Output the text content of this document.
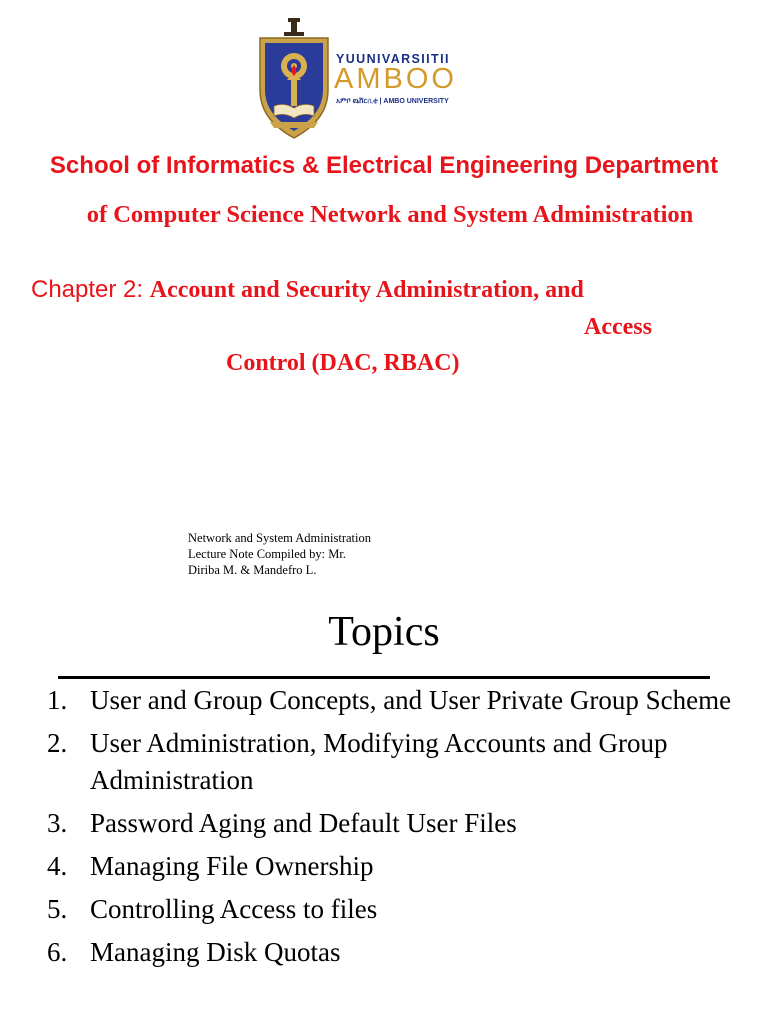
YUUNIVARSIITII
AMBOO
አምቦ ዩኒቨርሲቲ | AMBO UNIVERSITY
School of Informatics & Electrical Engineering Department
of Computer Science Network and System Administration
Chapter 2: Account and Security Administration, and
Access
Control (DAC, RBAC)
Network and System Administration
Lecture Note Compiled by: Mr.
Diriba M. & Mandefro L.
Topics
1. User and Group Concepts, and User Private Group Scheme
2. User Administration, Modifying Accounts and Group Administration
3. Password Aging and Default User Files
4. Managing File Ownership
5. Controlling Access to files
6. Managing Disk Quotas
